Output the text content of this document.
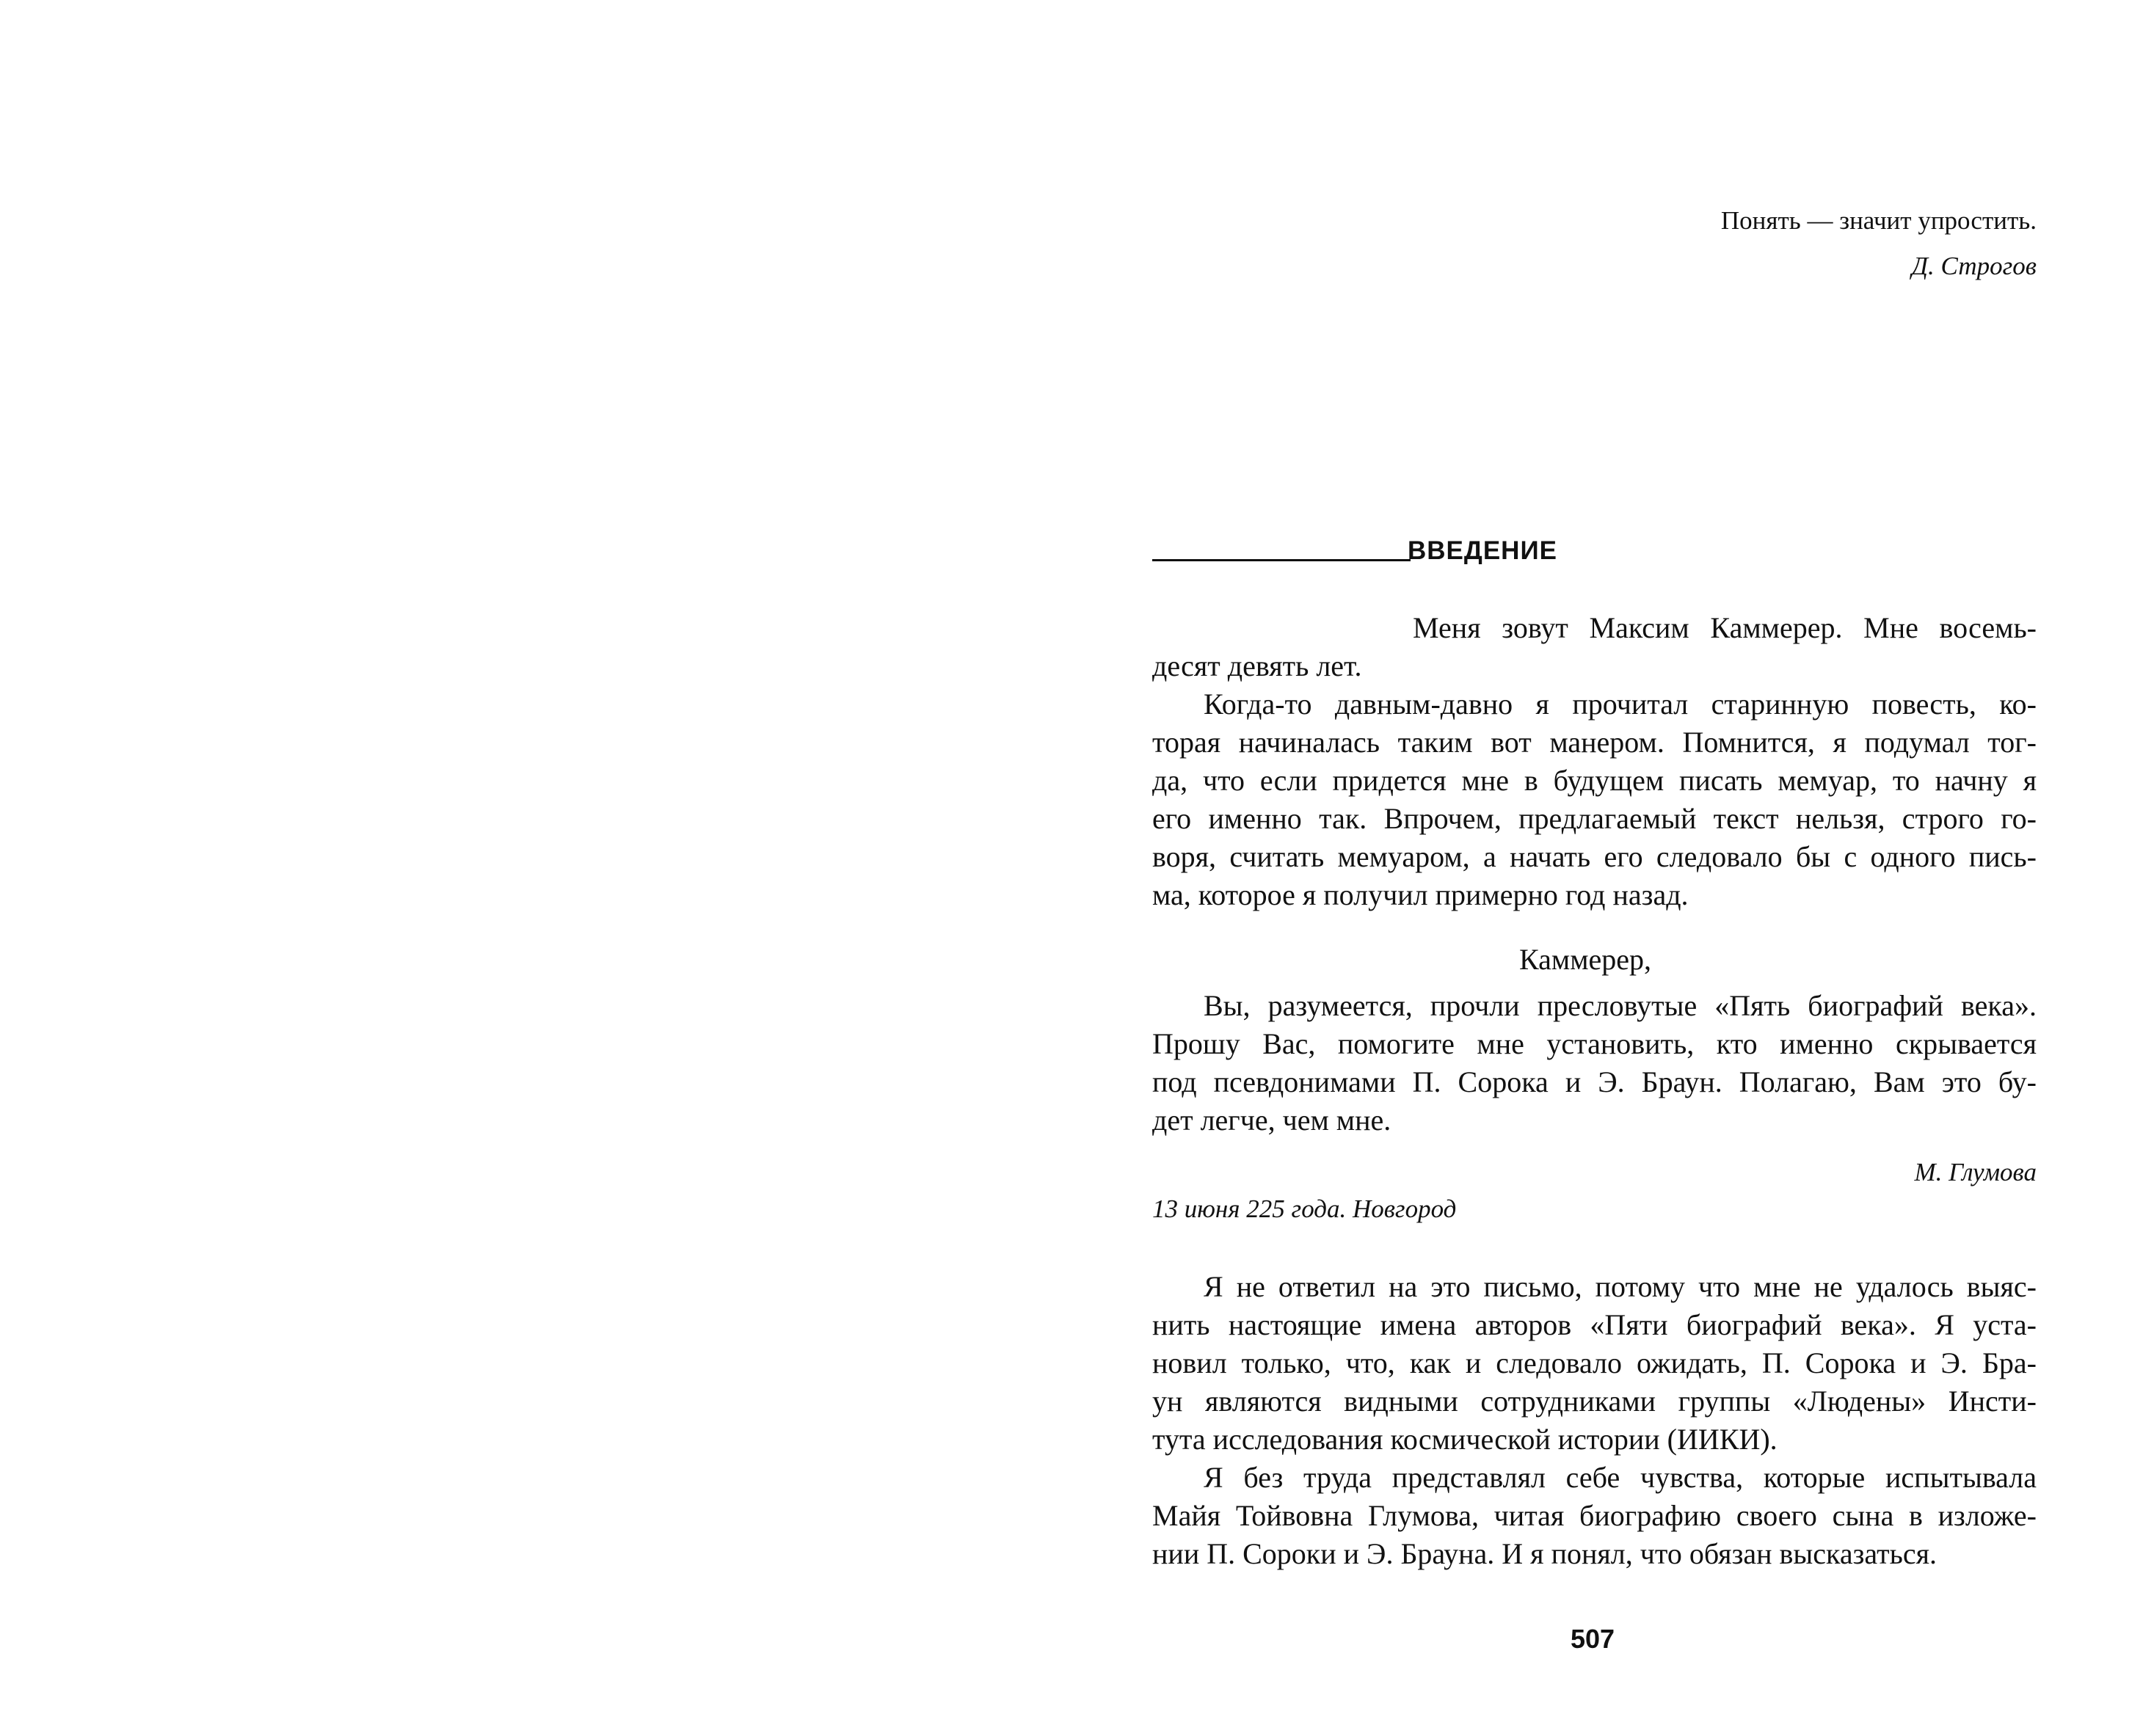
Понять — значит упростить.
Д. Строгов
ВВЕДЕНИЕ
Меня зовут Максим Каммерер. Мне восемь-
десят девять лет.
Когда-то давным-давно я прочитал старинную повесть, ко-
торая начиналась таким вот манером. Помнится, я подумал тог-
да, что если придется мне в будущем писать мемуар, то начну я
его именно так. Впрочем, предлагаемый текст нельзя, строго го-
воря, считать мемуаром, а начать его следовало бы с одного пись-
ма, которое я получил примерно год назад.
Каммерер,
Вы, разумеется, прочли пресловутые «Пять биографий века».
Прошу Вас, помогите мне установить, кто именно скрывается
под псевдонимами П. Сорока и Э. Браун. Полагаю, Вам это бу-
дет легче, чем мне.
М. Глумова
13 июня 225 года. Новгород
Я не ответил на это письмо, потому что мне не удалось выяс-
нить настоящие имена авторов «Пяти биографий века». Я уста-
новил только, что, как и следовало ожидать, П. Сорока и Э. Бра-
ун являются видными сотрудниками группы «Людены» Инсти-
тута исследования космической истории (ИИКИ).
Я без труда представлял себе чувства, которые испытывала
Майя Тойвовна Глумова, читая биографию своего сына в изложе-
нии П. Сороки и Э. Брауна. И я понял, что обязан высказаться.
507
